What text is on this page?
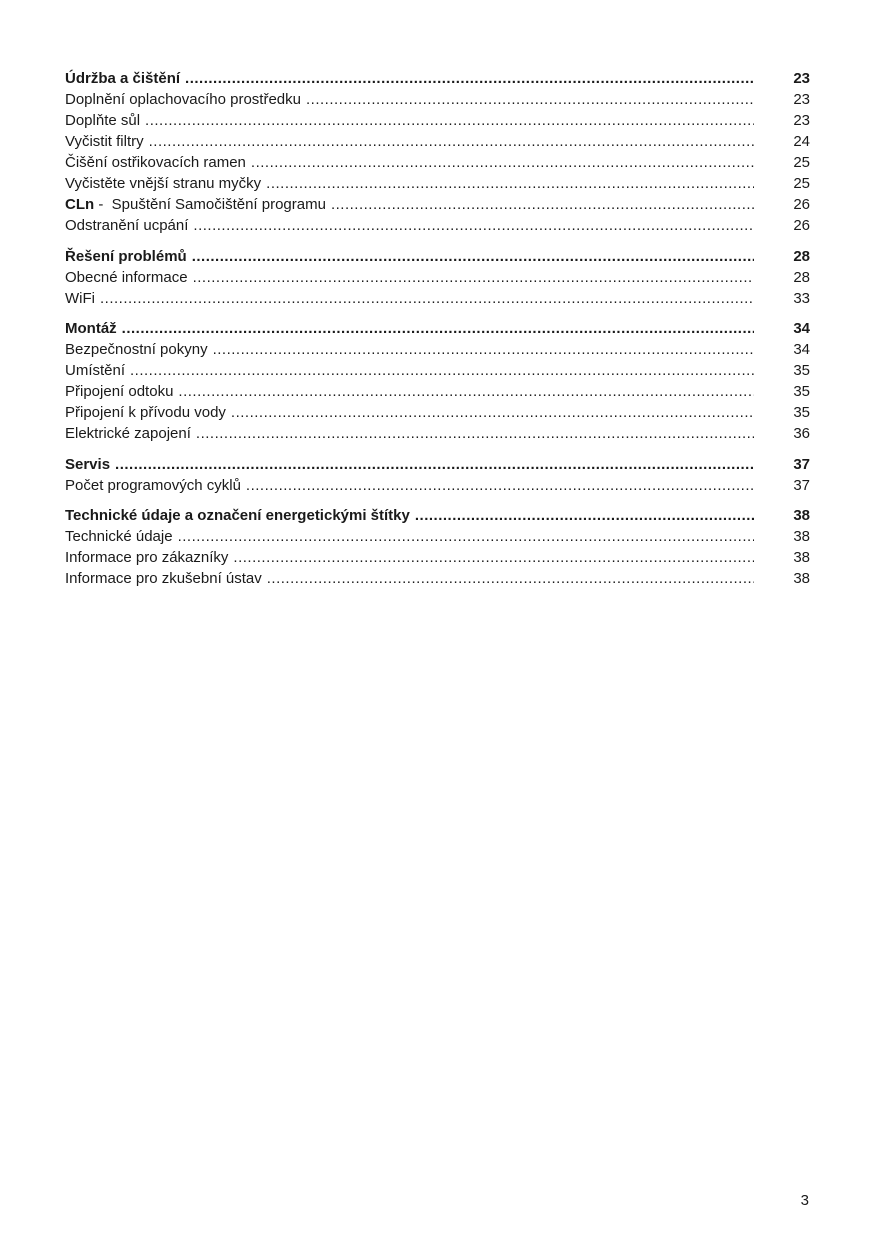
Údržba a čištění .....	23
Doplnění oplachovacího prostředku .....	23
Doplňte sůl .....	23
Vyčistit filtry .....	24
Čišění ostřikovacích ramen .....	25
Vyčistěte vnější stranu myčky .....	25
CLn -  Spuštění Samočištění programu .....	26
Odstranění ucpání .....	26
Řešení problémů .....	28
Obecné informace .....	28
WiFi .....	33
Montáž .....	34
Bezpečnostní pokyny .....	34
Umístění .....	35
Připojení odtoku .....	35
Připojení k přívodu vody .....	35
Elektrické zapojení .....	36
Servis .....	37
Počet programových cyklů .....	37
Technické údaje a označení energetickými štítky .....	38
Technické údaje .....	38
Informace pro zákazníky .....	38
Informace pro zkušební ústav .....	38
3
